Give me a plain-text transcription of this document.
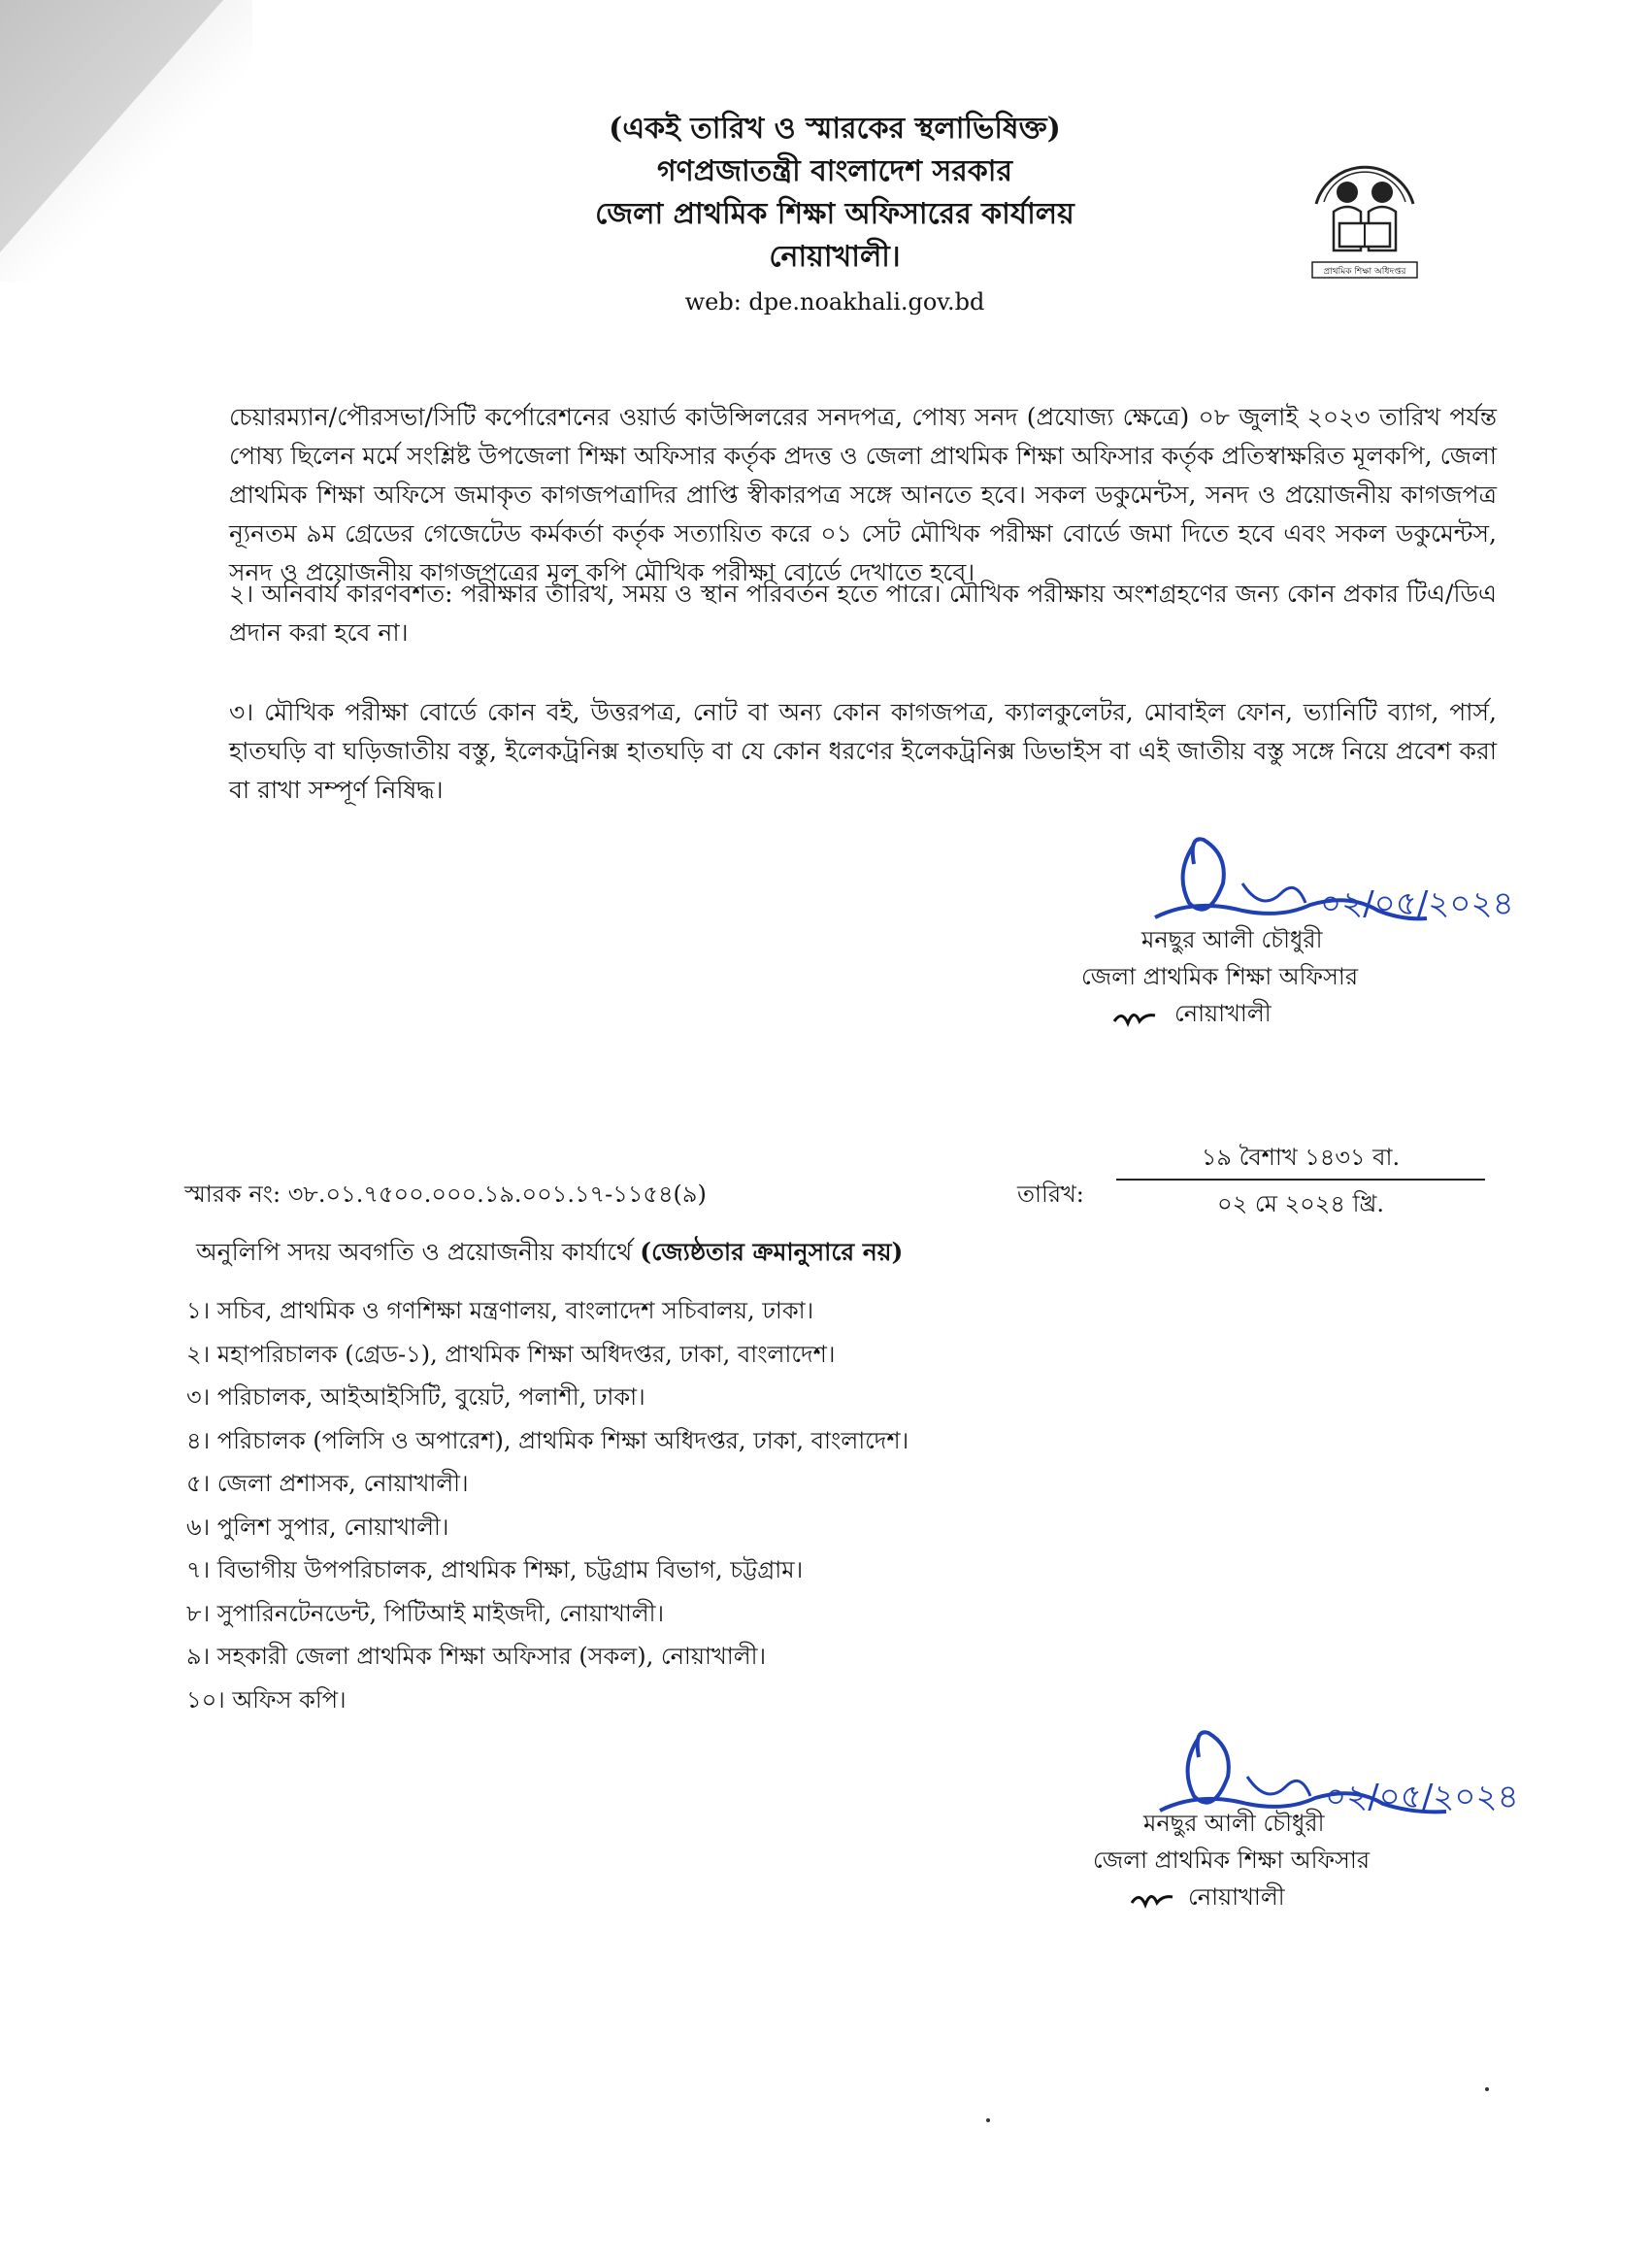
(একই তারিখ ও স্মারকের স্থলাভিষিক্ত)
গণপ্রজাতন্ত্রী বাংলাদেশ সরকার
জেলা প্রাথমিক শিক্ষা অফিসারের কার্যালয়
নোয়াখালী।
web: dpe.noakhali.gov.bd
প্রাথমিক শিক্ষা অধিদপ্তর
চেয়ারম্যান/পৌরসভা/সিটি কর্পোরেশনের ওয়ার্ড কাউন্সিলরের সনদপত্র, পোষ্য সনদ (প্রযোজ্য ক্ষেত্রে) ০৮ জুলাই ২০২৩ তারিখ পর্যন্ত পোষ্য ছিলেন মর্মে সংশ্লিষ্ট উপজেলা শিক্ষা অফিসার কর্তৃক প্রদত্ত ও জেলা প্রাথমিক শিক্ষা অফিসার কর্তৃক প্রতিস্বাক্ষরিত মূলকপি, জেলা প্রাথমিক শিক্ষা অফিসে জমাকৃত কাগজপত্রাদির প্রাপ্তি স্বীকারপত্র সঙ্গে আনতে হবে। সকল ডকুমেন্টস, সনদ ও প্রয়োজনীয় কাগজপত্র ন্যূনতম ৯ম গ্রেডের গেজেটেড কর্মকর্তা কর্তৃক সত্যায়িত করে ০১ সেট মৌখিক পরীক্ষা বোর্ডে জমা দিতে হবে এবং সকল ডকুমেন্টস, সনদ ও প্রয়োজনীয় কাগজপত্রের মূল কপি মৌখিক পরীক্ষা বোর্ডে দেখাতে হবে।
২। অনিবার্য কারণবশত: পরীক্ষার তারিখ, সময় ও স্থান পরিবর্তন হতে পারে। মৌখিক পরীক্ষায় অংশগ্রহণের জন্য কোন প্রকার টিএ/ডিএ প্রদান করা হবে না।
৩। মৌখিক পরীক্ষা বোর্ডে কোন বই, উত্তরপত্র, নোট বা অন্য কোন কাগজপত্র, ক্যালকুলেটর, মোবাইল ফোন, ভ্যানিটি ব্যাগ, পার্স, হাতঘড়ি বা ঘড়িজাতীয় বস্তু, ইলেকট্রনিক্স হাতঘড়ি বা যে কোন ধরণের ইলেকট্রনিক্স ডিভাইস বা এই জাতীয় বস্তু সঙ্গে নিয়ে প্রবেশ করা বা রাখা সম্পূর্ণ নিষিদ্ধ।
০২/০৫/২০২৪
মনছুর আলী চৌধুরী
জেলা প্রাথমিক শিক্ষা অফিসার
নোয়াখালী
স্মারক নং: ৩৮.০১.৭৫০০.০০০.১৯.০০১.১৭-১১৫৪(৯)	তারিখ:
১৯ বৈশাখ ১৪৩১ বা.
০২ মে ২০২৪ খ্রি.
অনুলিপি সদয় অবগতি ও প্রয়োজনীয় কার্যার্থে (জ্যেষ্ঠতার ক্রমানুসারে নয়)
১। সচিব, প্রাথমিক ও গণশিক্ষা মন্ত্রণালয়, বাংলাদেশ সচিবালয়, ঢাকা।
২। মহাপরিচালক (গ্রেড-১), প্রাথমিক শিক্ষা অধিদপ্তর, ঢাকা, বাংলাদেশ।
৩। পরিচালক, আইআইসিটি, বুয়েট, পলাশী, ঢাকা।
৪। পরিচালক (পলিসি ও অপারেশ), প্রাথমিক শিক্ষা অধিদপ্তর, ঢাকা, বাংলাদেশ।
৫। জেলা প্রশাসক, নোয়াখালী।
৬। পুলিশ সুপার, নোয়াখালী।
৭। বিভাগীয় উপপরিচালক, প্রাথমিক শিক্ষা, চট্টগ্রাম বিভাগ, চট্টগ্রাম।
৮। সুপারিনটেনডেন্ট, পিটিআই মাইজদী, নোয়াখালী।
৯। সহকারী জেলা প্রাথমিক শিক্ষা অফিসার (সকল), নোয়াখালী।
১০। অফিস কপি।
০২/০৫/২০২৪
মনছুর আলী চৌধুরী
জেলা প্রাথমিক শিক্ষা অফিসার
নোয়াখালী
